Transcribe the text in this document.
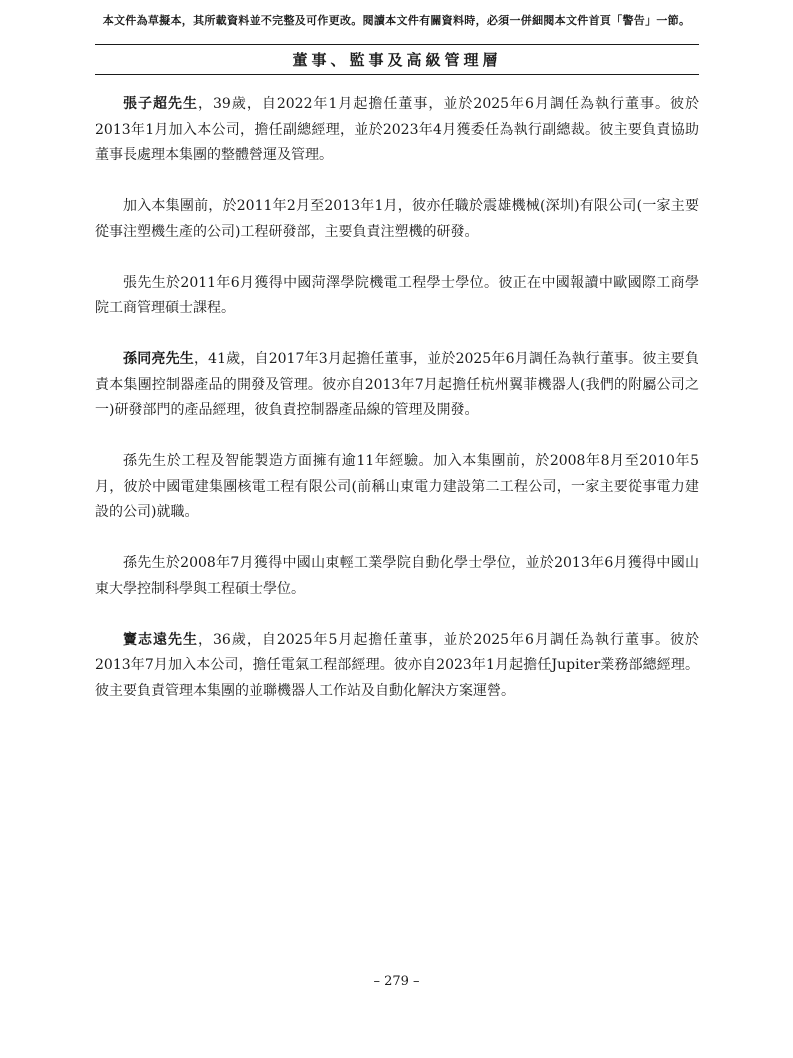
本文件為草擬本，其所載資料並不完整及可作更改。閱讀本文件有關資料時，必須一併細閱本文件首頁「警告」一節。
董事、監事及高級管理層

張子超先生，39歲，自2022年1月起擔任董事，並於2025年6月調任為執行董事。彼於2013年1月加入本公司，擔任副總經理，並於2023年4月獲委任為執行副總裁。彼主要負責協助董事長處理本集團的整體營運及管理。

加入本集團前，於2011年2月至2013年1月，彼亦任職於震雄機械(深圳)有限公司(一家主要從事注塑機生產的公司)工程研發部，主要負責注塑機的研發。

張先生於2011年6月獲得中國菏澤學院機電工程學士學位。彼正在中國報讀中歐國際工商學院工商管理碩士課程。

孫同亮先生，41歲，自2017年3月起擔任董事，並於2025年6月調任為執行董事。彼主要負責本集團控制器產品的開發及管理。彼亦自2013年7月起擔任杭州翼菲機器人(我們的附屬公司之一)研發部門的產品經理，彼負責控制器產品線的管理及開發。

孫先生於工程及智能製造方面擁有逾11年經驗。加入本集團前，於2008年8月至2010年5月，彼於中國電建集團核電工程有限公司(前稱山東電力建設第二工程公司，一家主要從事電力建設的公司)就職。

孫先生於2008年7月獲得中國山東輕工業學院自動化學士學位，並於2013年6月獲得中國山東大學控制科學與工程碩士學位。

竇志遠先生，36歲，自2025年5月起擔任董事，並於2025年6月調任為執行董事。彼於2013年7月加入本公司，擔任電氣工程部經理。彼亦自2023年1月起擔任Jupiter業務部總經理。彼主要負責管理本集團的並聯機器人工作站及自動化解決方案運營。

– 279 –
